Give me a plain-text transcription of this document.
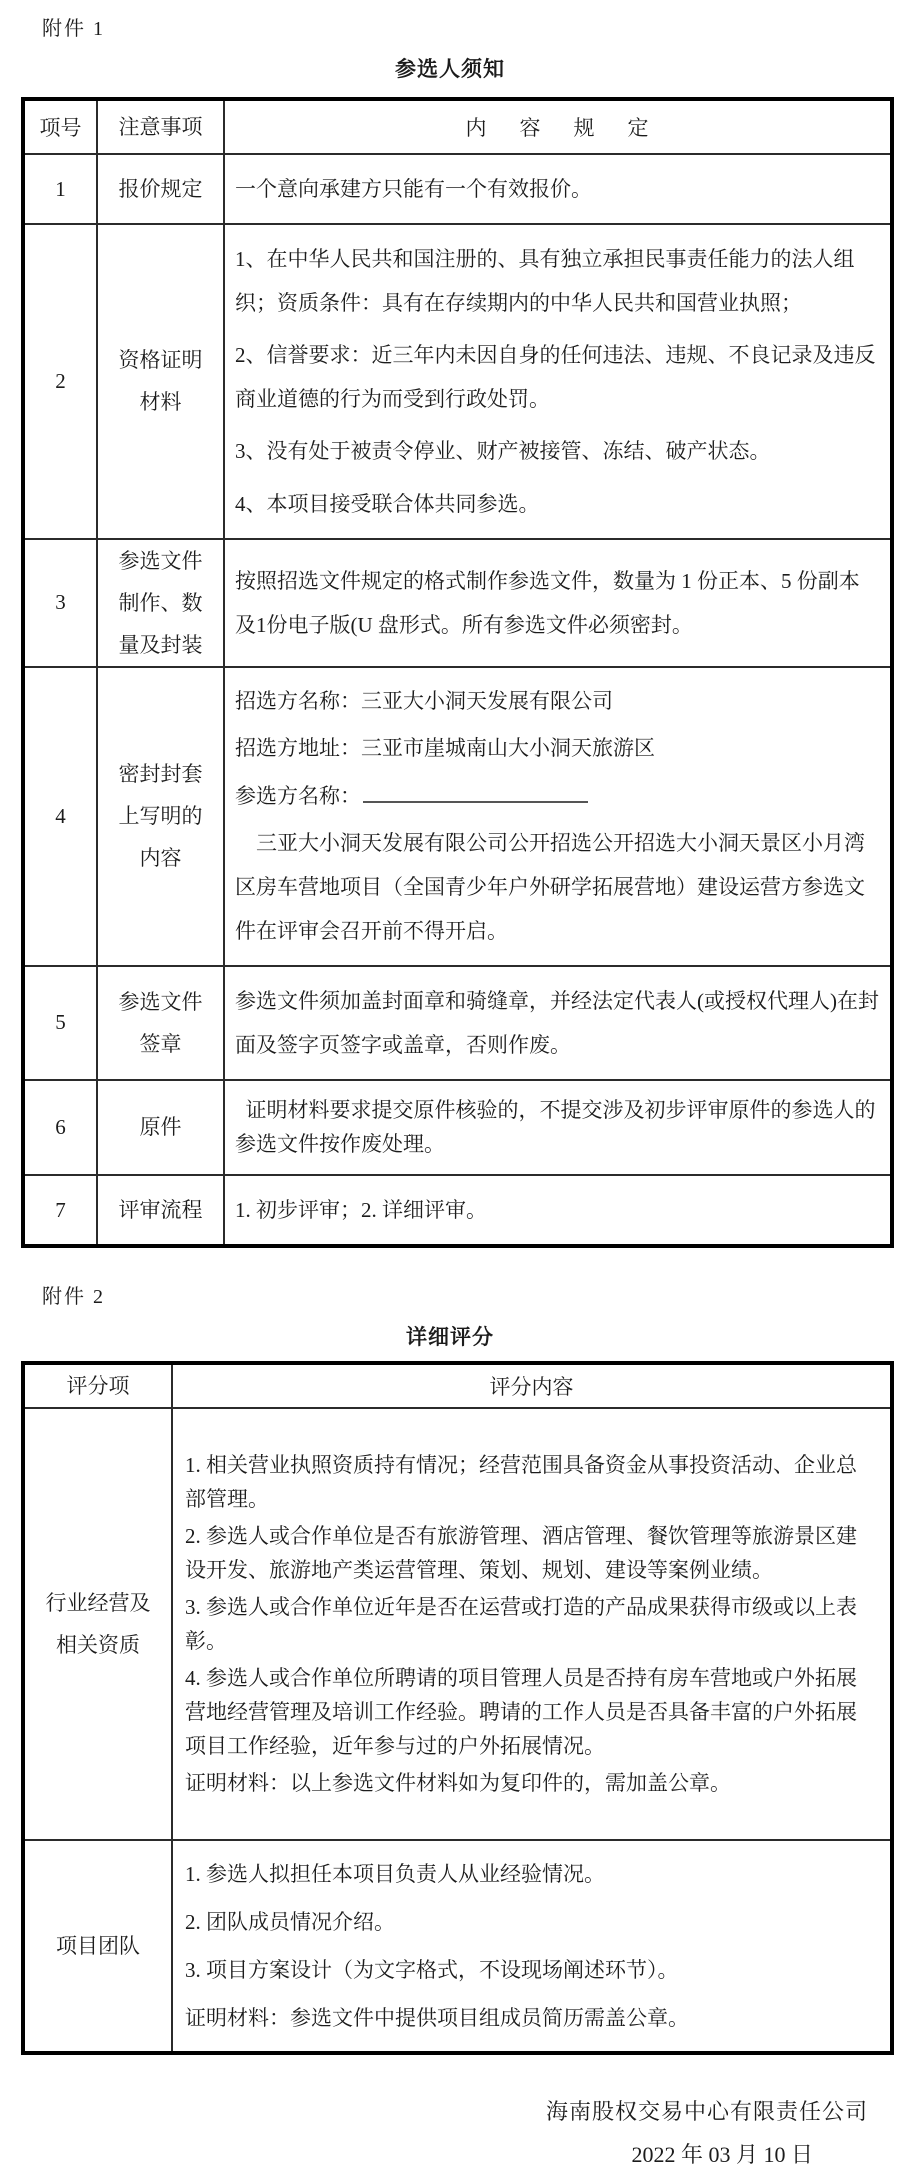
附件 1
参选人须知
项号	注意事项	内　容　规　定
1	报价规定	一个意向承建方只能有一个有效报价。

2	资格证明材料	1、在中华人民共和国注册的、具有独立承担民事责任能力的法人组织；资质条件：具有在存续期内的中华人民共和国营业执照；

2、信誉要求：近三年内未因自身的任何违法、违规、不良记录及违反商业道德的行为而受到行政处罚。

3、没有处于被责令停业、财产被接管、冻结、破产状态。

4、本项目接受联合体共同参选。

3	参选文件制作、数量及封装	按照招选文件规定的格式制作参选文件，数量为 1 份正本、5 份副本及1份电子版(U 盘形式。所有参选文件必须密封。

4	密封封套上写明的内容	招选方名称：三亚大小洞天发展有限公司

招选方地址：三亚市崖城南山大小洞天旅游区

参选方名称：

三亚大小洞天发展有限公司公开招选公开招选大小洞天景区小月湾区房车营地项目（全国青少年户外研学拓展营地）建设运营方参选文件在评审会召开前不得开启。

5	参选文件签章	参选文件须加盖封面章和骑缝章，并经法定代表人(或授权代理人)在封面及签字页签字或盖章，否则作废。

6	原件	证明材料要求提交原件核验的，不提交涉及初步评审原件的参选人的参选文件按作废处理。

7	评审流程	1. 初步评审；2. 详细评审。

附件 2
详细评分
评分项	评分内容
行业经营及相关资质	1. 相关营业执照资质持有情况；经营范围具备资金从事投资活动、企业总部管理。

2. 参选人或合作单位是否有旅游管理、酒店管理、餐饮管理等旅游景区建设开发、旅游地产类运营管理、策划、规划、建设等案例业绩。

3. 参选人或合作单位近年是否在运营或打造的产品成果获得市级或以上表彰。

4. 参选人或合作单位所聘请的项目管理人员是否持有房车营地或户外拓展营地经营管理及培训工作经验。聘请的工作人员是否具备丰富的户外拓展项目工作经验，近年参与过的户外拓展情况。

证明材料：以上参选文件材料如为复印件的，需加盖公章。

项目团队	1. 参选人拟担任本项目负责人从业经验情况。

2. 团队成员情况介绍。

3. 项目方案设计（为文字格式，不设现场阐述环节）。

证明材料：参选文件中提供项目组成员简历需盖公章。

海南股权交易中心有限责任公司
2022 年 03 月 10 日
